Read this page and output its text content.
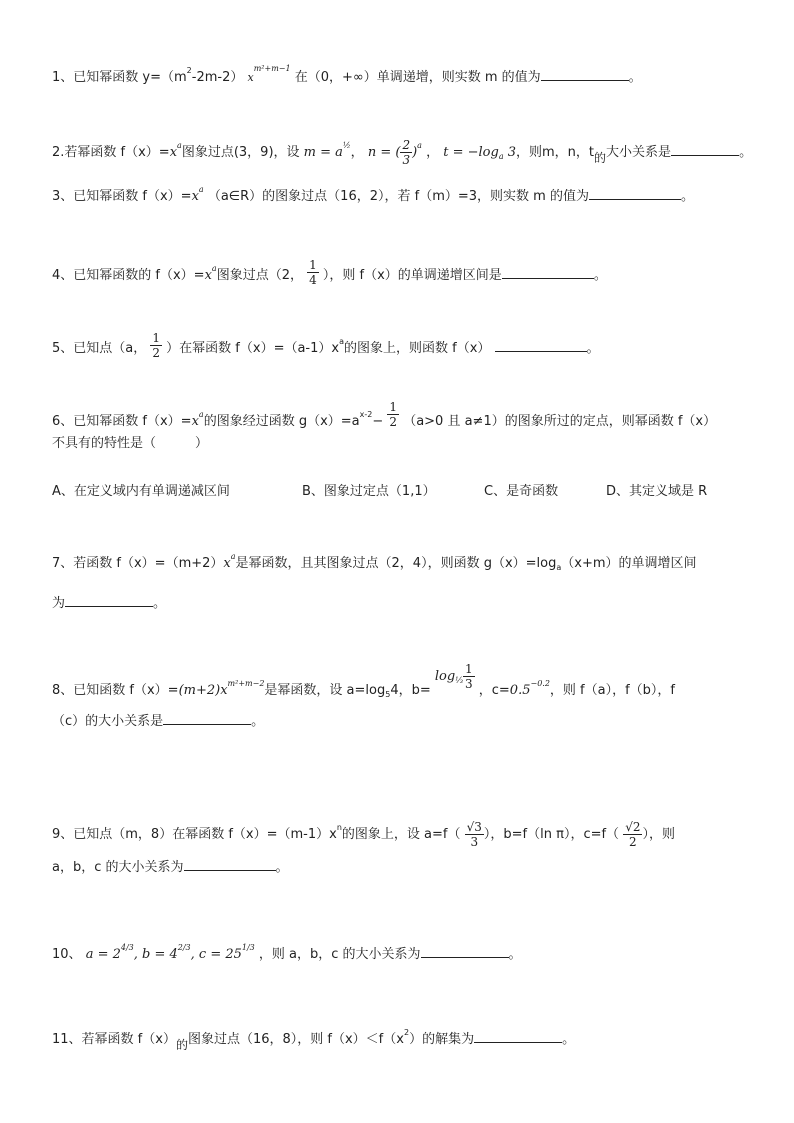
1、已知幂函数 $y=(m^2-2m-2)$ $x^{m^2+m-1}$ 在（0，+∞）单调递增，则实数 m 的值为	。
2.若幂函数 $f(x)=x^a$图象过点(3，9)，设 $m = a^{\frac{1}{2}}$， n = ( $\frac{2}{3} )^a$ ， $t = -\log_a$ 3，则m，n，t的大小关系是	。
3、已知幂函数 $f(x)=x^a$ （a∈R）的图象过点（16，2），若 f（m）=3，则实数 m 的值为	。
4、已知幂函数的 $f(x)=x^a$图象过点（2， $\frac{1}{4}$ ），则 f（x）的单调递增区间是	。
5、已知点（a， $\frac{1}{2}$ ）在幂函数 $f(x)=(a-1)x^a$的图象上，则函数 f（x）	。
6、已知幂函数 $f(x)=x^a$的图象经过函数 $g(x)=a^{x-2}- \frac{1}{2} (a>0$ 且 a≠1）的图象所过的定点，则幂函数 f（x）
不具有的特性是（　　　）
A、在定义域内有单调递减区间	B、图象过定点（1,1）	C、是奇函数	D、其定义域是 R
7、若函数 $f(x)=(m+2)x^a$是幂函数，且其图象过点（2，4），则函数 $g(x)=\log_a(x+m)$的单调增区间
为	。
8、已知函数 $f(x)=(m+2)x^{m^2+m-2}$是幂函数，设 $a=\log_54$，$b= \log_{\frac{1}{3}} \frac{1}{3}$ ，$c=0.5^{-0.2}$，则 f（a），f（b），f
（c）的大小关系是	。
9、已知点（m，8）在幂函数 $f(x)=(m-1)x^n$的图象上，设 $a=f( \frac{√3}{3}$ ），b=f（ln π），$c=f( \frac{√2}{2}$ ），则
a，b，c 的大小关系为	。
10、 $a = 2^{4/3}$, $b = 4^{2/3}$, $c = 25^{1/3}$ ，则 a，b，c 的大小关系为	。
11、若幂函数 f（x）的图象过点（16，8），则 $f(x)<f(x^2)$的解集为	。
